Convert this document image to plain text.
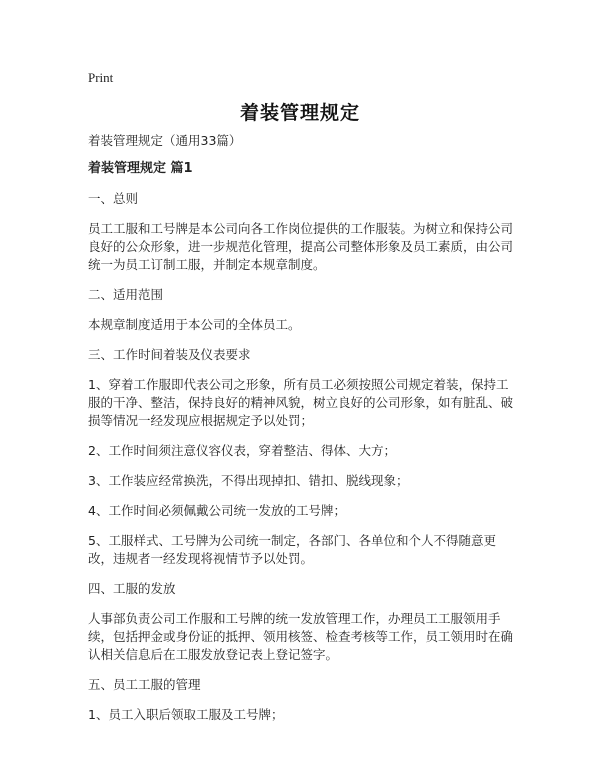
Print
着装管理规定

着装管理规定（通用33篇）

着装管理规定 篇1

一、总则

员工工服和工号牌是本公司向各工作岗位提供的工作服装。为树立和保持公司良好的公众形象，进一步规范化管理，提高公司整体形象及员工素质，由公司统一为员工订制工服，并制定本规章制度。

二、适用范围

本规章制度适用于本公司的全体员工。

三、工作时间着装及仪表要求

1、穿着工作服即代表公司之形象，所有员工必须按照公司规定着装，保持工服的干净、整洁，保持良好的精神风貌，树立良好的公司形象，如有脏乱、破损等情况一经发现应根据规定予以处罚；

2、工作时间须注意仪容仪表，穿着整洁、得体、大方；

3、工作装应经常换洗，不得出现掉扣、错扣、脱线现象；

4、工作时间必须佩戴公司统一发放的工号牌；

5、工服样式、工号牌为公司统一制定，各部门、各单位和个人不得随意更改，违规者一经发现将视情节予以处罚。

四、工服的发放

人事部负责公司工作服和工号牌的统一发放管理工作，办理员工工服领用手续，包括押金或身份证的抵押、领用核签、检查考核等工作，员工领用时在确认相关信息后在工服发放登记表上登记签字。

五、员工工服的管理

1、员工入职后领取工服及工号牌；
